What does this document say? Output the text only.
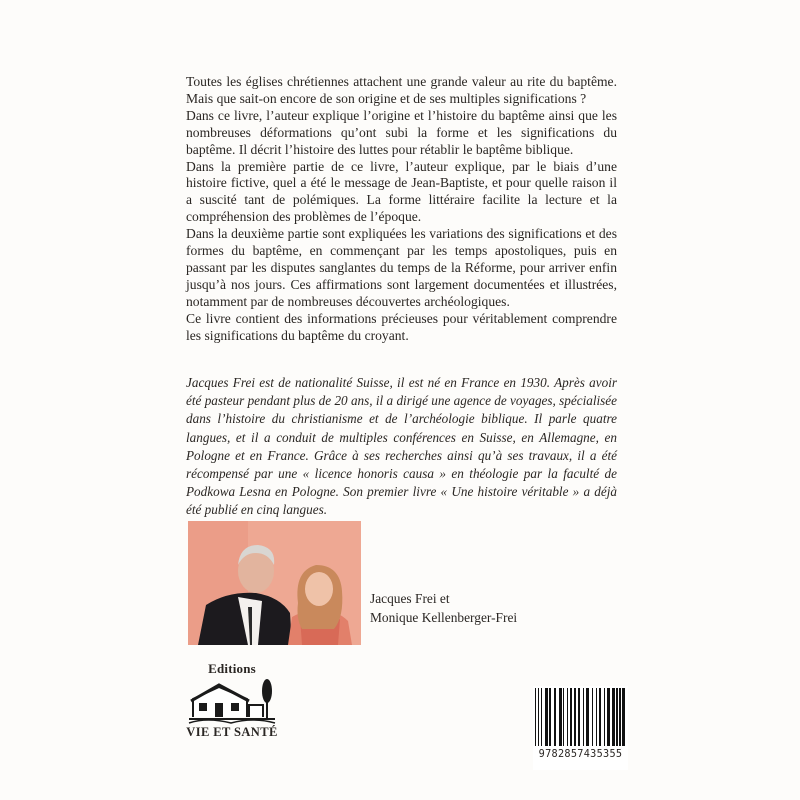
Toutes les églises chrétiennes attachent une grande valeur au rite du baptême. Mais que sait-on encore de son origine et de ses multiples significations ?

Dans ce livre, l’auteur explique l’origine et l’histoire du baptême ainsi que les nombreuses déformations qu’ont subi la forme et les significations du baptême. Il décrit l’histoire des luttes pour rétablir le baptême biblique.

Dans la première partie de ce livre, l’auteur explique, par le biais d’une histoire fictive, quel a été le message de Jean-Baptiste, et pour quelle raison il a suscité tant de polémiques. La forme littéraire facilite la lecture et la compréhension des problèmes de l’époque.

Dans la deuxième partie sont expliquées les variations des significations et des formes du baptême, en commençant par les temps apostoliques, puis en passant par les disputes sanglantes du temps de la Réforme, pour arriver enfin jusqu’à nos jours. Ces affirmations sont largement documentées et illustrées, notamment par de nombreuses découvertes archéologiques.

Ce livre contient des informations précieuses pour véritablement comprendre les significations du baptême du croyant.

Jacques Frei est de nationalité Suisse, il est né en France en 1930. Après avoir été pasteur pendant plus de 20 ans, il a dirigé une agence de voyages, spécialisée dans l’histoire du christianisme et de l’archéologie biblique. Il parle quatre langues, et il a conduit de multiples conférences en Suisse, en Allemagne, en Pologne et en France. Grâce à ses recherches ainsi qu’à ses travaux, il a été récompensé par une « licence honoris causa » en théologie par la faculté de Podkowa Lesna en Pologne. Son premier livre « Une histoire véritable » a déjà été publié en cinq langues.

Jacques Frei et
Monique Kellenberger-Frei
Editions
VIE ET SANTÉ
9782857435355
